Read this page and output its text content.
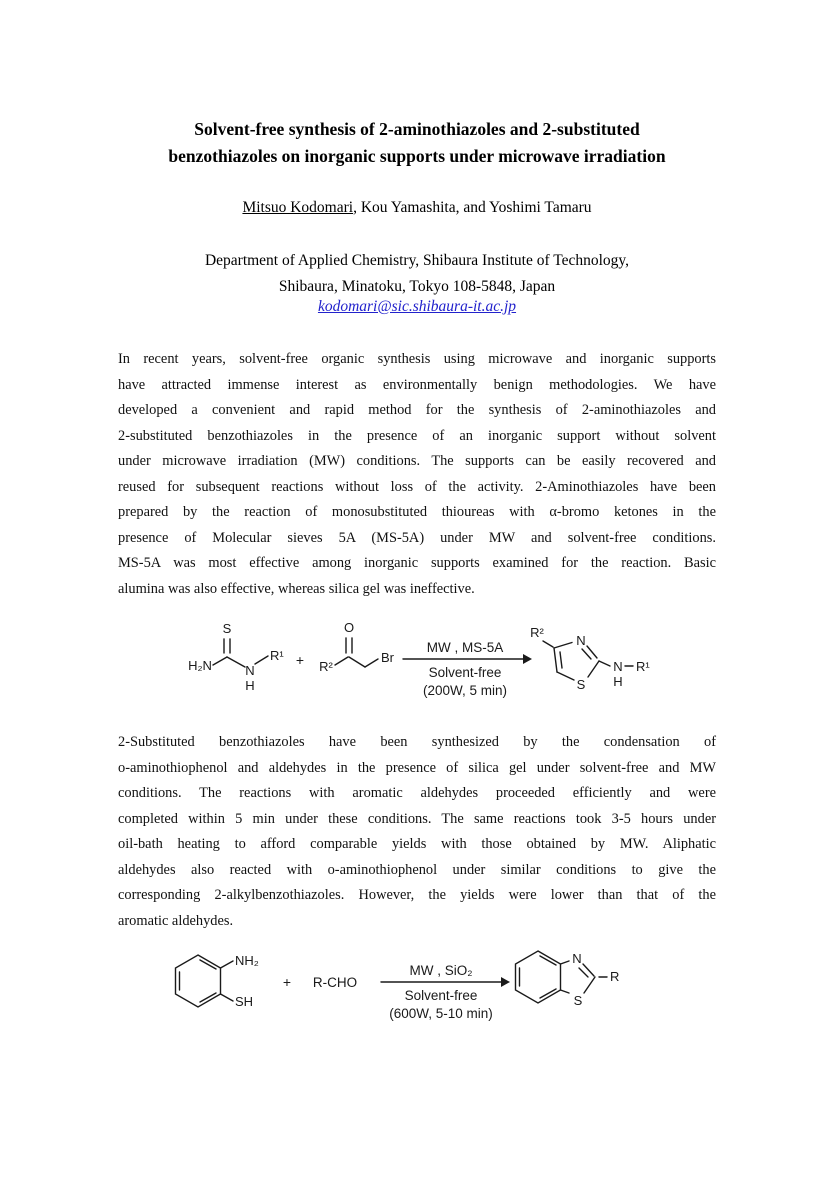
Solvent-free synthesis of 2-aminothiazoles and 2-substituted
benzothiazoles on inorganic supports under microwave irradiation
Mitsuo Kodomari, Kou Yamashita, and Yoshimi Tamaru
Department of Applied Chemistry, Shibaura Institute of Technology,
Shibaura, Minatoku, Tokyo 108-5848, Japan
kodomari@sic.shibaura-it.ac.jp
In recent years, solvent-free organic synthesis using microwave and inorganic supports
have attracted immense interest as environmentally benign methodologies. We have
developed a convenient and rapid method for the synthesis of 2-aminothiazoles and
2-substituted benzothiazoles in the presence of an inorganic support without solvent
under microwave irradiation (MW) conditions. The supports can be easily recovered and
reused for subsequent reactions without loss of the activity. 2-Aminothiazoles have been
prepared by the reaction of monosubstituted thioureas with α-bromo ketones in the
presence of Molecular sieves 5A (MS-5A) under MW and solvent-free conditions.
MS-5A was most effective among inorganic supports examined for the reaction. Basic
alumina was also effective, whereas silica gel was ineffective.
H₂N
S
N
H
R¹ + R²
O
Br
MW , MS-5A
Solvent-free
(200W, 5 min)
R²
N
S
N
H
R¹
2-Substituted benzothiazoles have been synthesized by the condensation of
o-aminothiophenol and aldehydes in the presence of silica gel under solvent-free and MW
conditions. The reactions with aromatic aldehydes proceeded efficiently and were
completed within 5 min under these conditions. The same reactions took 3-5 hours under
oil-bath heating to afford comparable yields with those obtained by MW. Aliphatic
aldehydes also reacted with o-aminothiophenol under similar conditions to give the
corresponding 2-alkylbenzothiazoles. However, the yields were lower than that of the
aromatic aldehydes.
NH₂
SH
+ R-CHO
MW , SiO₂
Solvent-free
(600W, 5-10 min)
N
S
R
